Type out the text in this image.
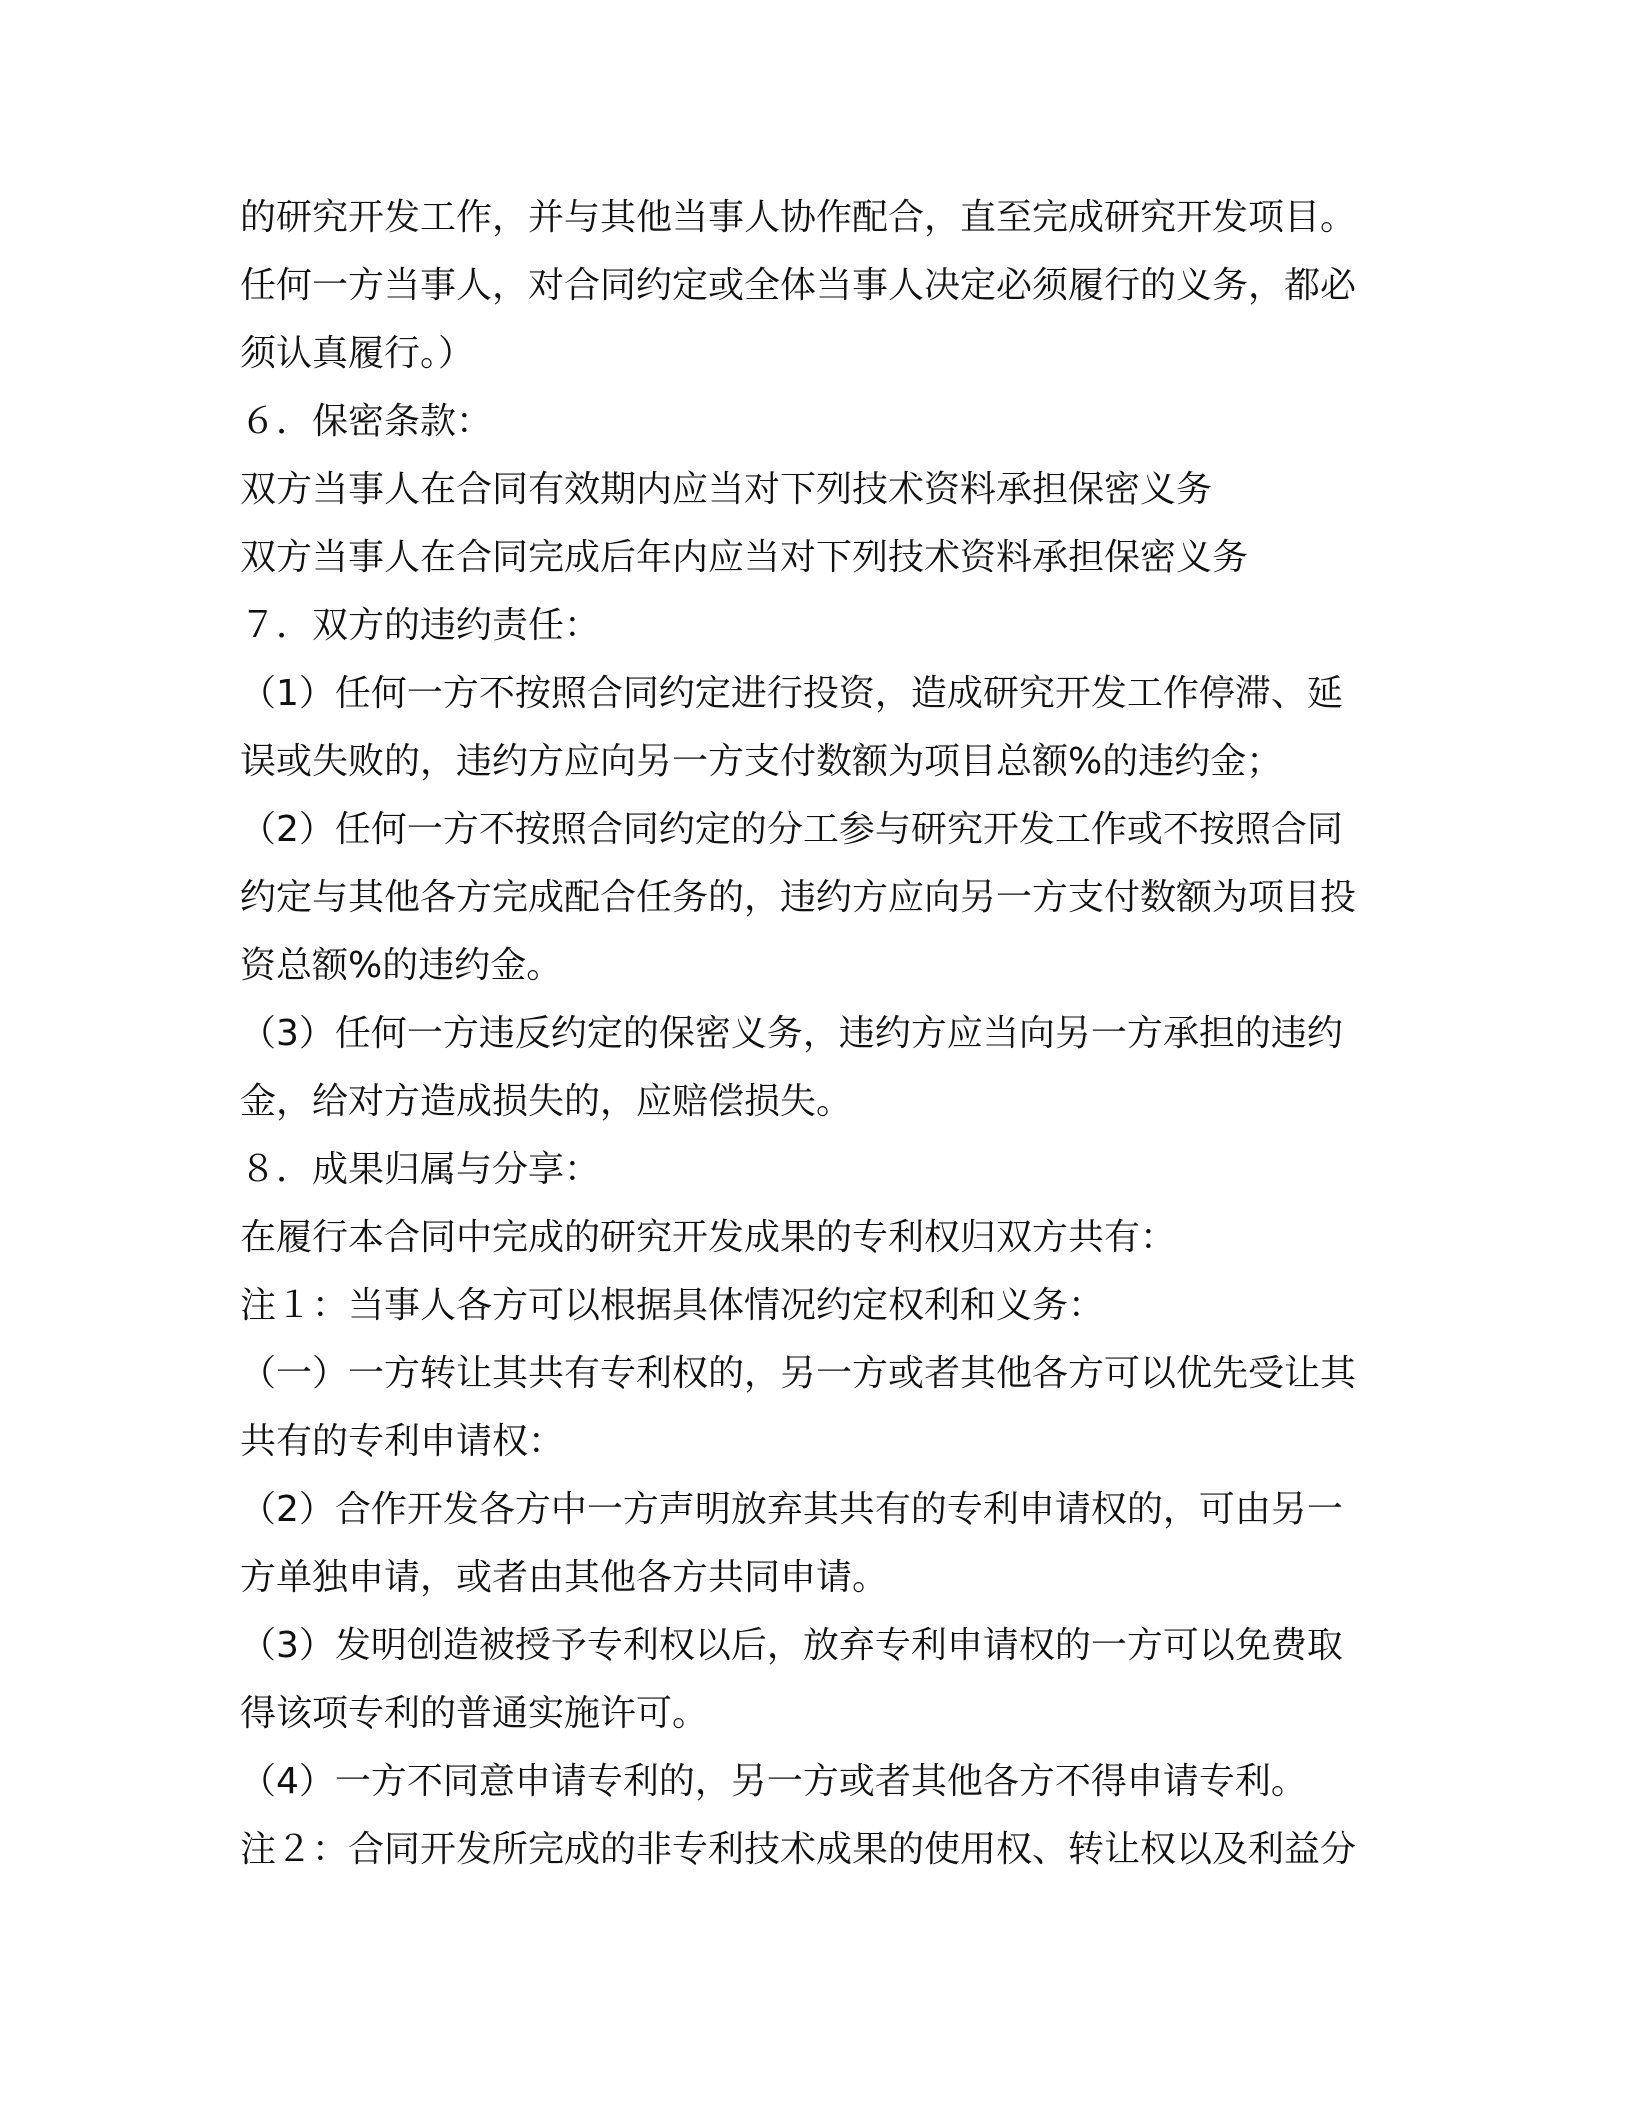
的研究开发工作，并与其他当事人协作配合，直至完成研究开发项目。
任何一方当事人，对合同约定或全体当事人决定必须履行的义务，都必
须认真履行。）
６．保密条款：
双方当事人在合同有效期内应当对下列技术资料承担保密义务
双方当事人在合同完成后年内应当对下列技术资料承担保密义务
７．双方的违约责任：
（1）任何一方不按照合同约定进行投资，造成研究开发工作停滞、延
误或失败的，违约方应向另一方支付数额为项目总额%的违约金；
（2）任何一方不按照合同约定的分工参与研究开发工作或不按照合同
约定与其他各方完成配合任务的，违约方应向另一方支付数额为项目投
资总额%的违约金。
（3）任何一方违反约定的保密义务，违约方应当向另一方承担的违约
金，给对方造成损失的，应赔偿损失。
８．成果归属与分享：
在履行本合同中完成的研究开发成果的专利权归双方共有：
注１：当事人各方可以根据具体情况约定权利和义务：
（一）一方转让其共有专利权的，另一方或者其他各方可以优先受让其
共有的专利申请权：
（2）合作开发各方中一方声明放弃其共有的专利申请权的，可由另一
方单独申请，或者由其他各方共同申请。
（3）发明创造被授予专利权以后，放弃专利申请权的一方可以免费取
得该项专利的普通实施许可。
（4）一方不同意申请专利的，另一方或者其他各方不得申请专利。
注２：合同开发所完成的非专利技术成果的使用权、转让权以及利益分
